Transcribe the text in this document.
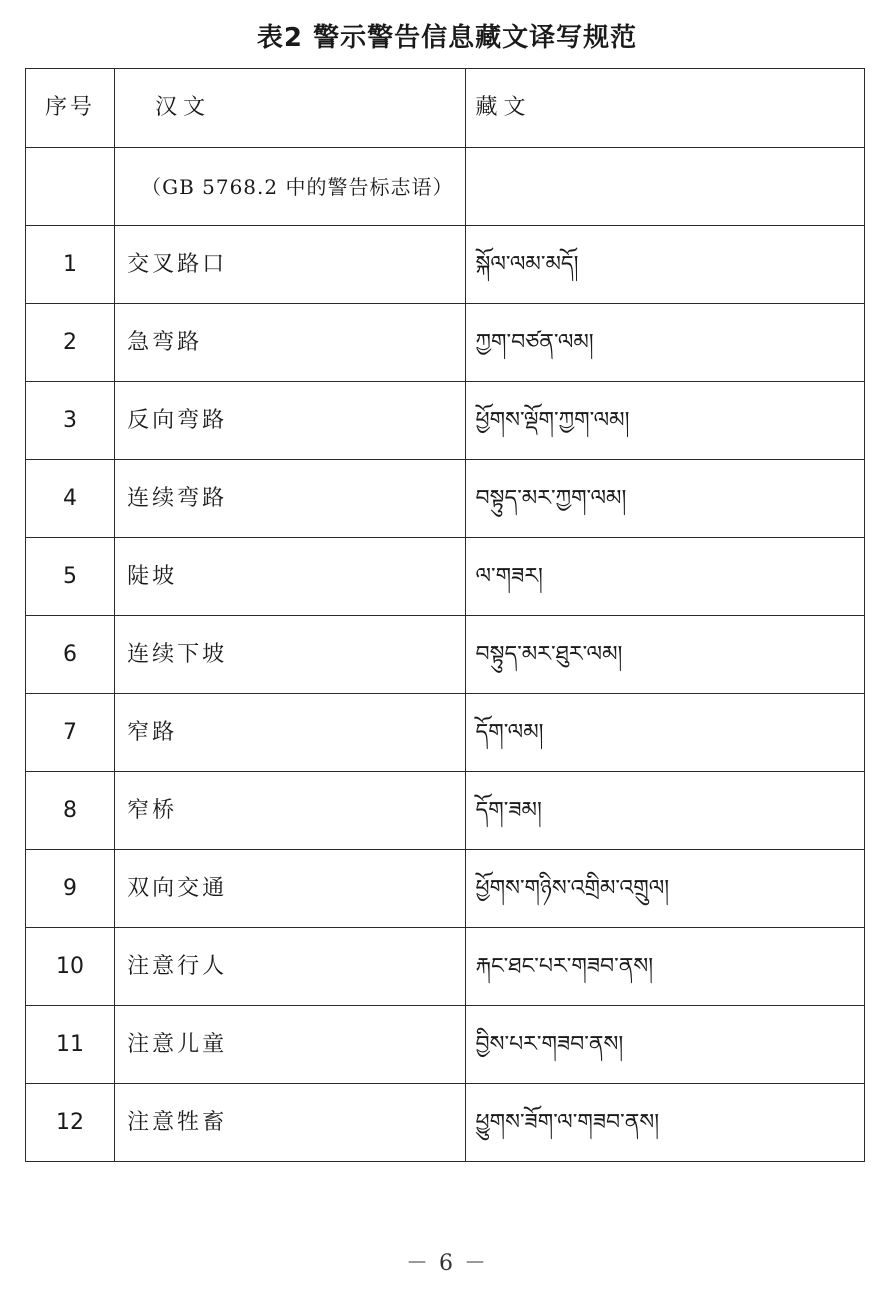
表2 警示警告信息藏文译写规范
序号	汉文	藏文
	（GB 5768.2 中的警告标志语）	
1	交叉路口	སྐོལ་ལམ་མདོ།
2	急弯路	ཀྱག་བཙན་ལམ།
3	反向弯路	ཕྱོགས་ལྡོག་ཀྱག་ལམ།
4	连续弯路	བསྟུད་མར་ཀྱག་ལམ།
5	陡坡	ལ་གཟར།
6	连续下坡	བསྟུད་མར་ཐུར་ལམ།
7	窄路	དོག་ལམ།
8	窄桥	དོག་ཟམ།
9	双向交通	ཕྱོགས་གཉིས་འགྲིམ་འགྲུལ།
10	注意行人	རྐང་ཐང་པར་གཟབ་ནས།
11	注意儿童	བྱིས་པར་གཟབ་ནས།
12	注意牲畜	ཕྱུགས་ཟོག་ལ་གཟབ་ནས།
－ 6 －
